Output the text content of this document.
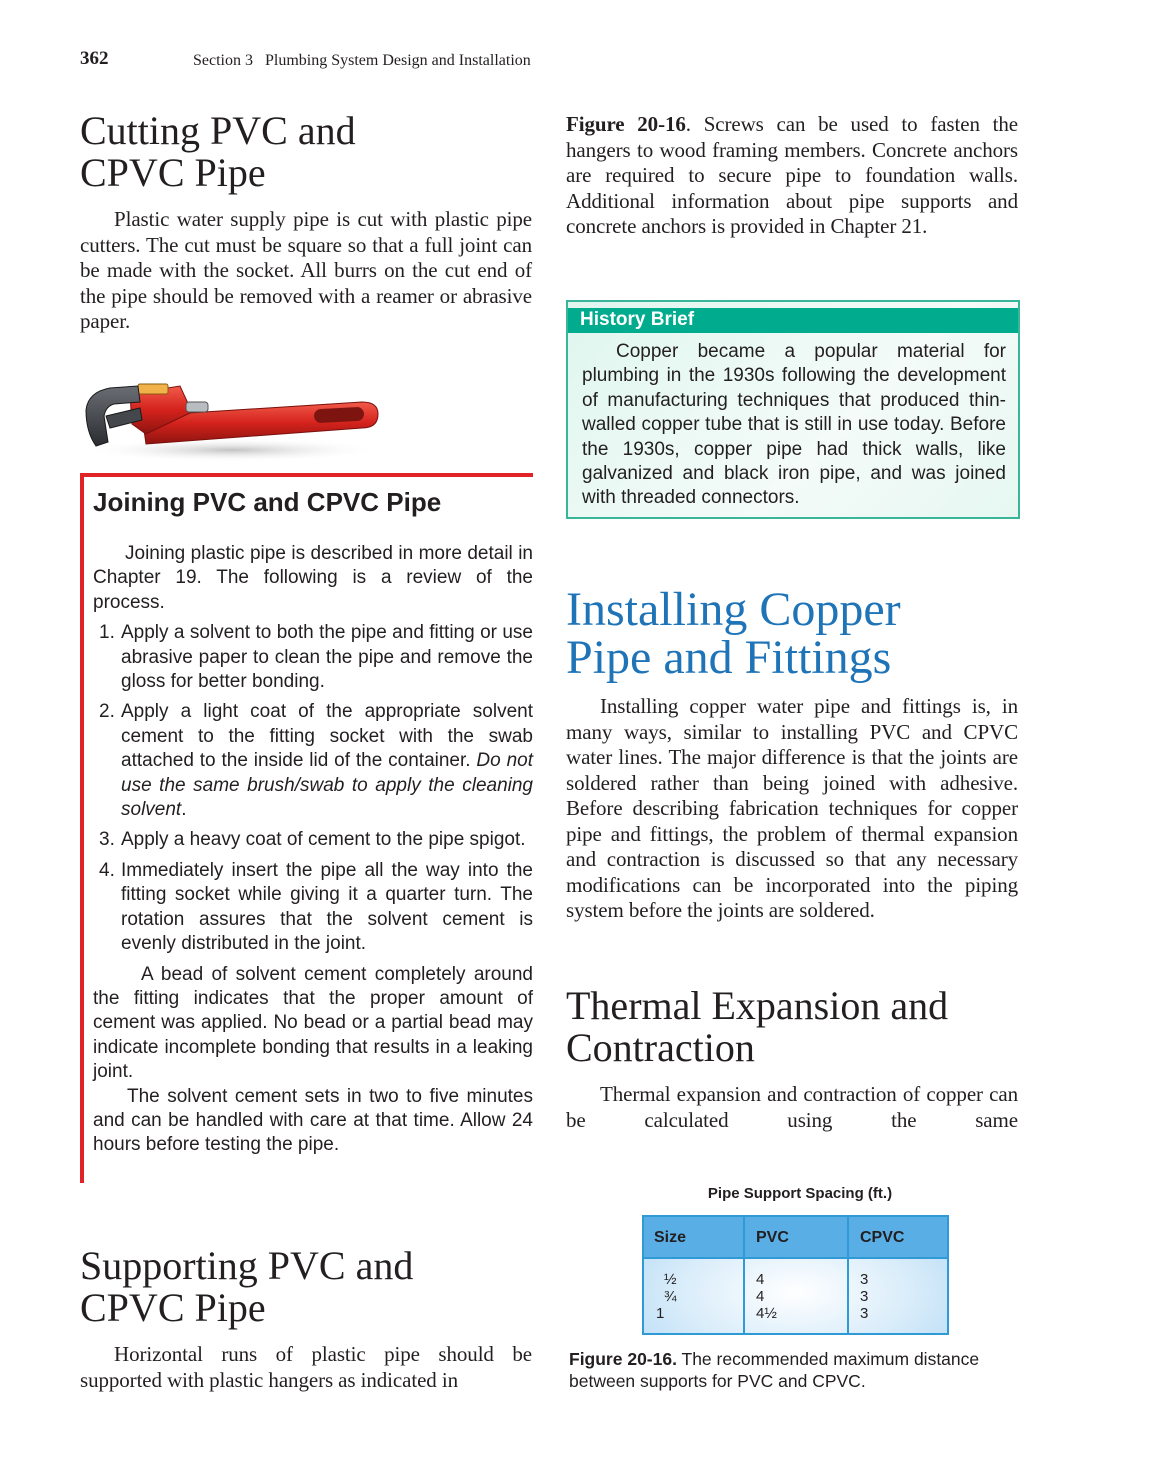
362	Section 3   Plumbing System Design and Installation
Cutting PVC and
CPVC Pipe

Plastic water supply pipe is cut with plastic pipe cutters. The cut must be square so that a full joint can be made with the socket. All burrs on the cut end of the pipe should be removed with a reamer or abrasive paper.

Joining PVC and CPVC Pipe

Joining plastic pipe is described in more detail in Chapter 19. The following is a review of the process.

1. Apply a solvent to both the pipe and fitting or use abrasive paper to clean the pipe and remove the gloss for better bonding.
2. Apply a light coat of the appropriate solvent cement to the fitting socket with the swab attached to the inside lid of the container. Do not use the same brush/swab to apply the cleaning solvent.
3. Apply a heavy coat of cement to the pipe spigot.
4. Immediately insert the pipe all the way into the fitting socket while giving it a quarter turn. The rotation assures that the solvent cement is evenly distributed in the joint.

A bead of solvent cement completely around the fitting indicates that the proper amount of cement was applied. No bead or a partial bead may indicate incomplete bonding that results in a leaking joint.

The solvent cement sets in two to five minutes and can be handled with care at that time. Allow 24 hours before testing the pipe.

Supporting PVC and
CPVC Pipe

Horizontal runs of plastic pipe should be supported with plastic hangers as indicated in

Figure 20-16. Screws can be used to fasten the hangers to wood framing members. Concrete anchors are required to secure pipe to foundation walls. Additional information about pipe supports and concrete anchors is provided in Chapter 21.

History Brief

Copper became a popular material for plumbing in the 1930s following the development of manufacturing techniques that produced thin-walled copper tube that is still in use today. Before the 1930s, copper pipe had thick walls, like galvanized and black iron pipe, and was joined with threaded connectors.

Installing Copper
Pipe and Fittings

Installing copper water pipe and fittings is, in many ways, similar to installing PVC and CPVC water lines. The major difference is that the joints are soldered rather than being joined with adhesive. Before describing fabrication techniques for copper pipe and fittings, the problem of thermal expansion and contraction is discussed so that any necessary modifications can be incorporated into the piping system before the joints are soldered.

Thermal Expansion and
Contraction

Thermal expansion and contraction of copper can be calculated using the same

Pipe Support Spacing (ft.)
Size	PVC	CPVC
½	4	3
¾	4	3
1	4½	3
Figure 20-16. The recommended maximum distance between supports for PVC and CPVC.
